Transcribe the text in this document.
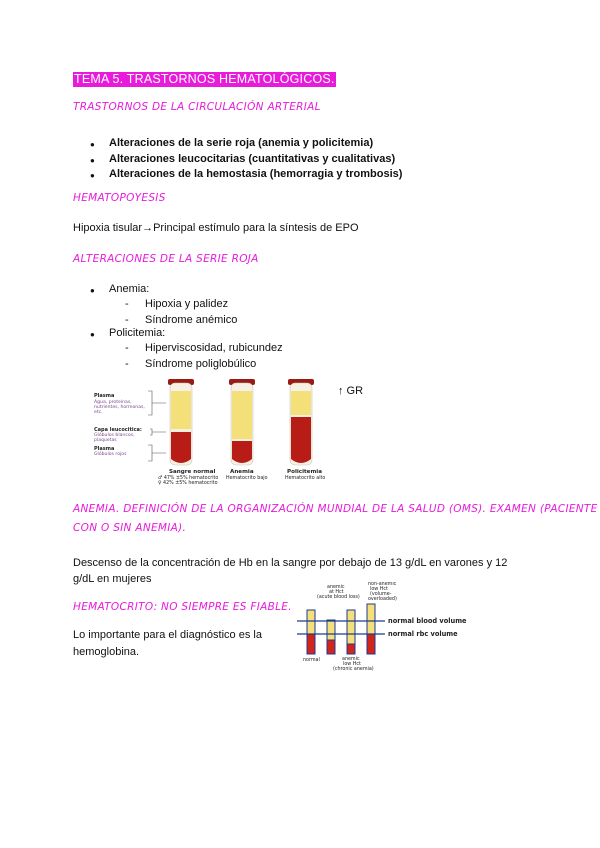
TEMA 5. TRASTORNOS HEMATOLÓGICOS.
TRASTORNOS DE LA CIRCULACIÓN ARTERIAL
● Alteraciones de la serie roja (anemia y policitemia)
● Alteraciones leucocitarias (cuantitativas y cualitativas)
● Alteraciones de la hemostasia (hemorragia y trombosis)
HEMATOPOYESIS
Hipoxia tisular→Principal estímulo para la síntesis de EPO
ALTERACIONES DE LA SERIE ROJA
● Anemia:
- Hipoxia y palidez
- Síndrome anémico
● Policitemia:
- Hiperviscosidad, rubicundez
- Síndrome poliglobúlico
Plasma
Agua, proteínas,
nutrientes, hormonas,
etc.
Capa leucocitica:
Glóbulos blancos,
plaquetas
Plasma
Glóbulos rojos
Sangre normal
♂ 47% ±5% hematocrito
♀ 42% ±5% hematocrito
Anemia
Hematocrito bajo
Policitemia
Hematocrito alto
↑ GR
ANEMIA. DEFINICIÓN DE LA ORGANIZACIÓN MUNDIAL DE LA SALUD (OMS). EXAMEN (PACIENTE
CON O SIN ANEMIA).
Descenso de la concentración de Hb en la sangre por debajo de 13 g/dL en varones y 12
g/dL en mujeres
HEMATOCRITO: NO SIEMPRE ES FIABLE.
Lo importante para el diagnóstico es la
hemoglobina.
anemic
at Hct
(acute blood loss)
non-anemic
low Hct
(volume-
overloaded)
normal blood volume
normal rbc volume
normal	anemic
low Hct
(chronic anemia)
